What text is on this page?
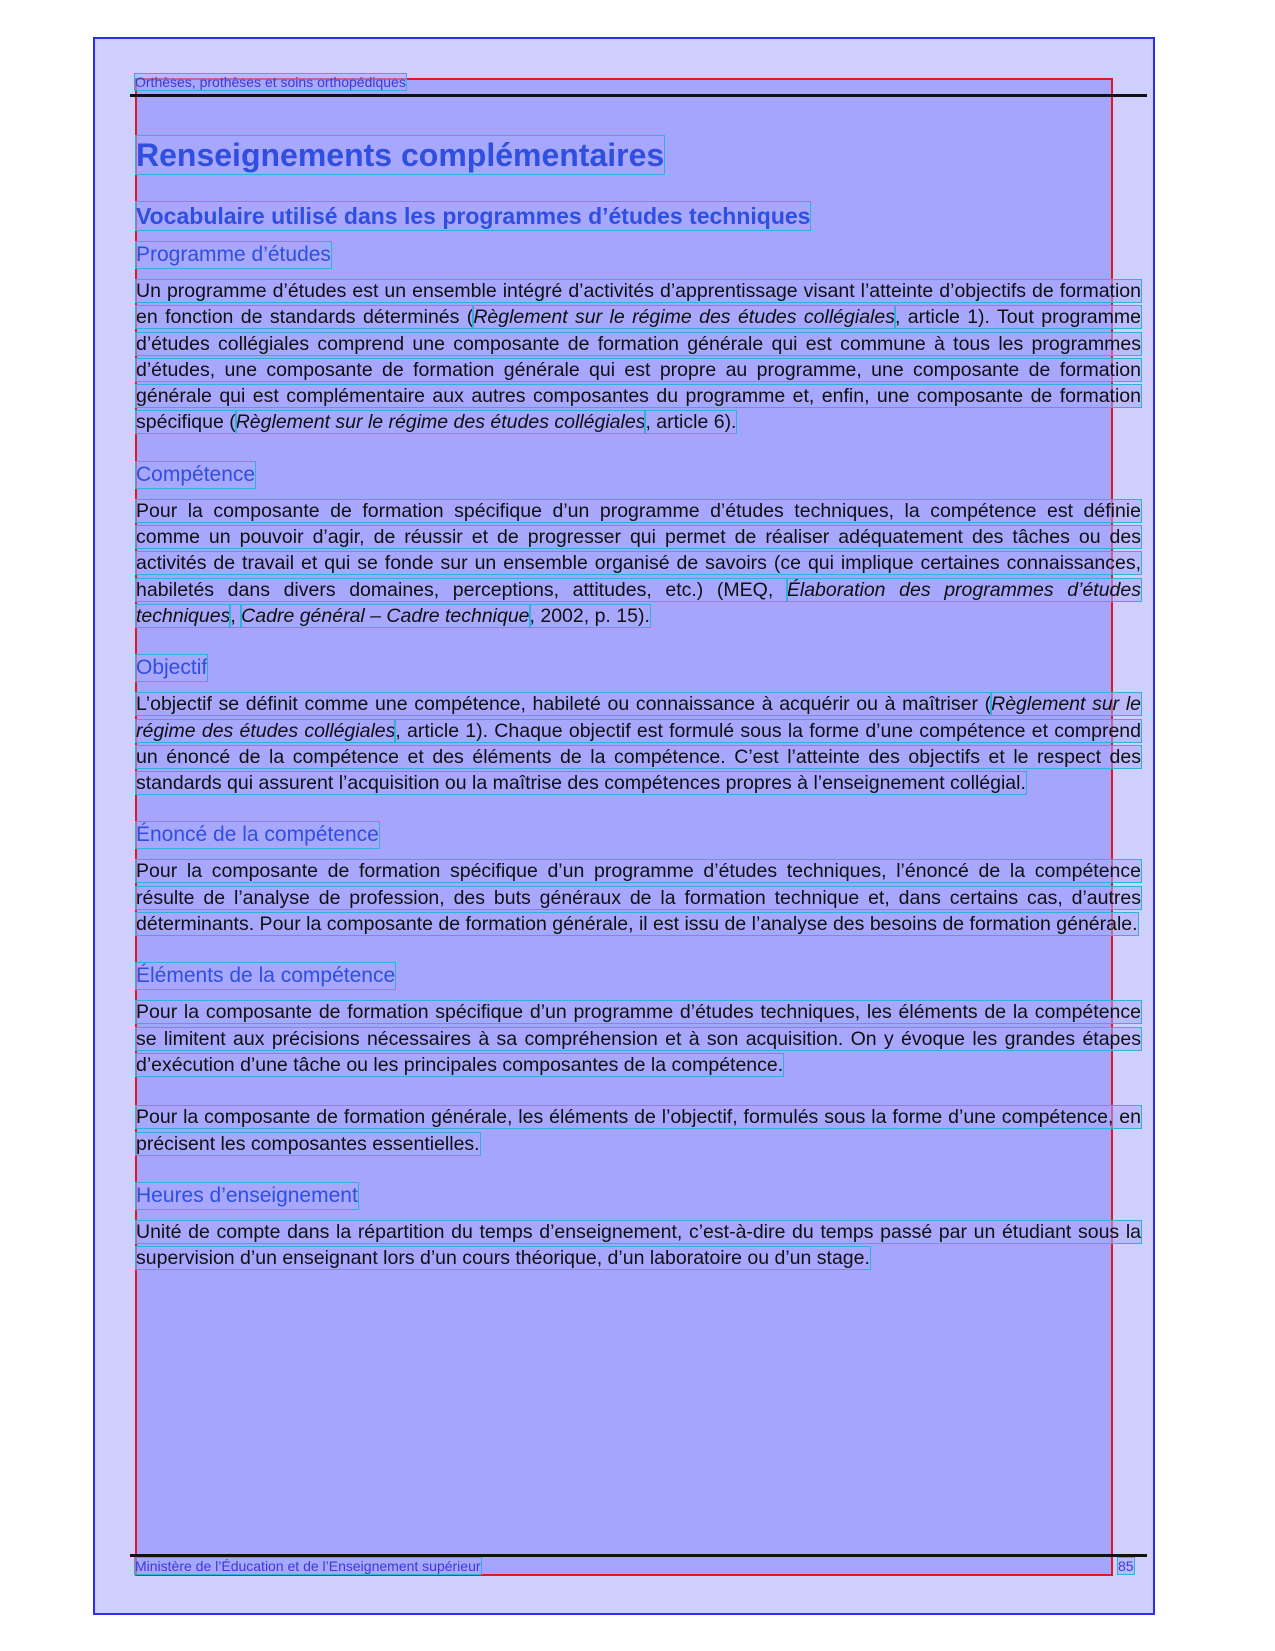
Orthèses, prothèses et soins orthopédiques
Renseignements complémentaires
Vocabulaire utilisé dans les programmes d’études techniques
Programme d’études

Un programme d’études est un ensemble intégré d’activités d’apprentissage visant l’atteinte d’objectifs de formation en fonction de standards déterminés (Règlement sur le régime des études collégiales, article 1). Tout programme d’études collégiales comprend une composante de formation générale qui est commune à tous les programmes d’études, une composante de formation générale qui est propre au programme, une composante de formation générale qui est complémentaire aux autres composantes du programme et, enfin, une composante de formation spécifique (Règlement sur le régime des études collégiales, article 6).

Compétence

Pour la composante de formation spécifique d’un programme d’études techniques, la compétence est définie comme un pouvoir d’agir, de réussir et de progresser qui permet de réaliser adéquatement des tâches ou des activités de travail et qui se fonde sur un ensemble organisé de savoirs (ce qui implique certaines connaissances, habiletés dans divers domaines, perceptions, attitudes, etc.) (MEQ, Élaboration des programmes d’études techniques, Cadre général – Cadre technique, 2002, p. 15).

Objectif

L’objectif se définit comme une compétence, habileté ou connaissance à acquérir ou à maîtriser (Règlement sur le régime des études collégiales, article 1). Chaque objectif est formulé sous la forme d’une compétence et comprend un énoncé de la compétence et des éléments de la compétence. C’est l’atteinte des objectifs et le respect des standards qui assurent l’acquisition ou la maîtrise des compétences propres à l’enseignement collégial.

Énoncé de la compétence

Pour la composante de formation spécifique d’un programme d’études techniques, l’énoncé de la compétence résulte de l’analyse de profession, des buts généraux de la formation technique et, dans certains cas, d’autres déterminants. Pour la composante de formation générale, il est issu de l’analyse des besoins de formation générale.

Éléments de la compétence

Pour la composante de formation spécifique d’un programme d’études techniques, les éléments de la compétence se limitent aux précisions nécessaires à sa compréhension et à son acquisition. On y évoque les grandes étapes d’exécution d’une tâche ou les principales composantes de la compétence.

Pour la composante de formation générale, les éléments de l’objectif, formulés sous la forme d’une compétence, en précisent les composantes essentielles.

Heures d’enseignement

Unité de compte dans la répartition du temps d’enseignement, c’est-à-dire du temps passé par un étudiant sous la supervision d’un enseignant lors d’un cours théorique, d’un laboratoire ou d’un stage.

Ministère de l’Éducation et de l’Enseignement supérieur	85
